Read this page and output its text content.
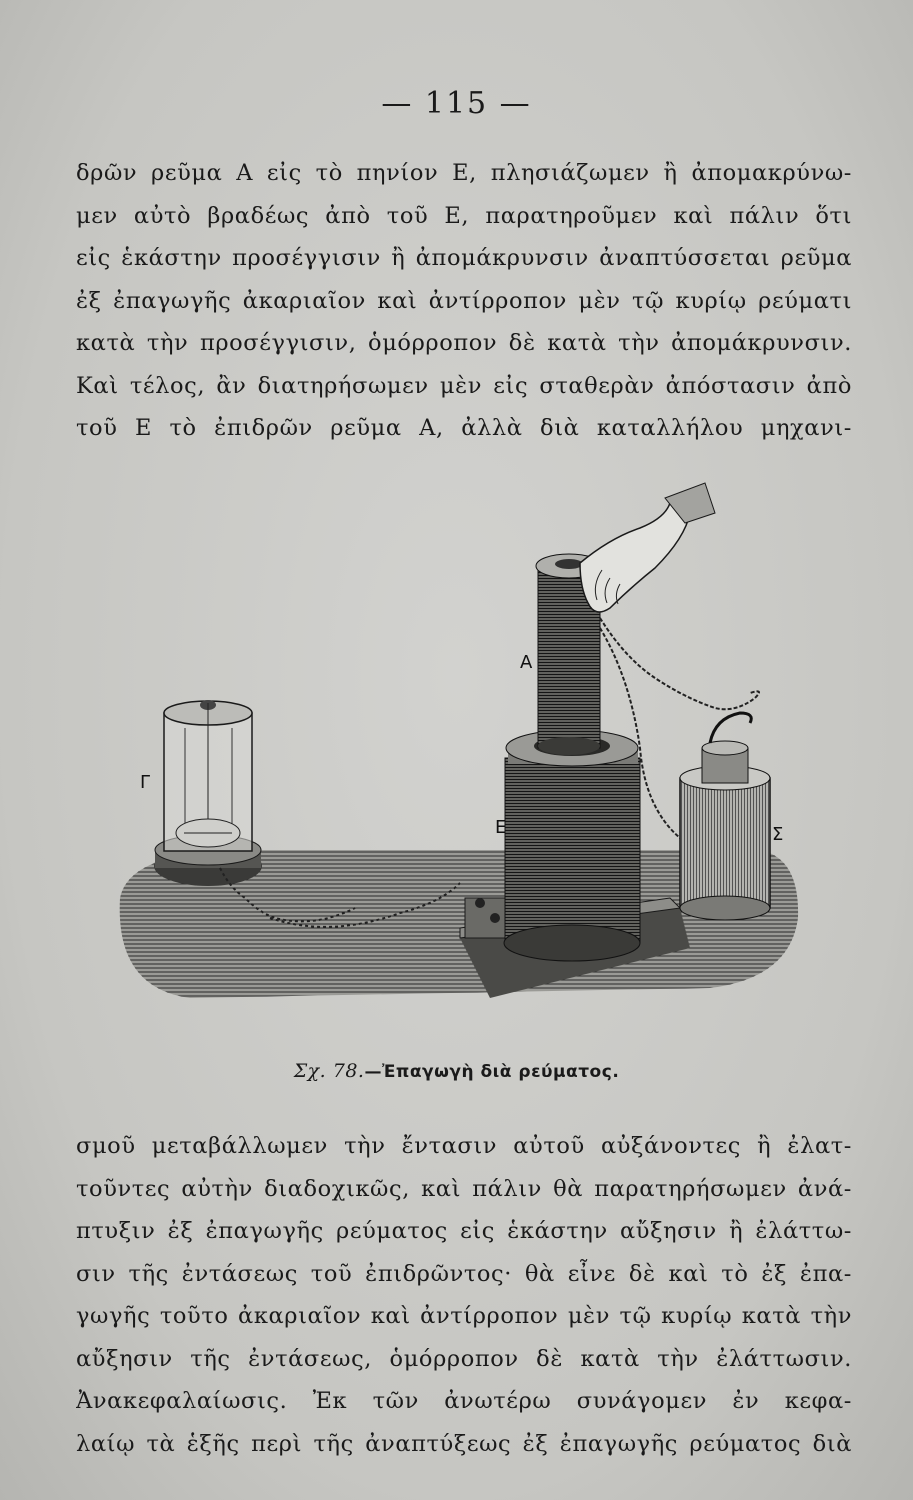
— 115 —
δρῶν ρεῦμα Α εἰς τὸ πηνίον Ε, πλησιάζωμεν ἢ ἀπομακρύνω-
μεν αὐτὸ βραδέως ἀπὸ τοῦ Ε, παρατηροῦμεν καὶ πάλιν ὅτι
εἰς ἑκάστην προσέγγισιν ἢ ἀπομάκρυνσιν ἀναπτύσσεται ρεῦμα
ἐξ ἐπαγωγῆς ἀκαριαῖον καὶ ἀντίρροπον μὲν τῷ κυρίῳ ρεύματι
κατὰ τὴν προσέγγισιν, ὁμόρροπον δὲ κατὰ τὴν ἀπομάκρυνσιν.
Καὶ τέλος, ἂν διατηρήσωμεν μὲν εἰς σταθερὰν ἀπόστασιν ἀπὸ
τοῦ Ε τὸ ἐπιδρῶν ρεῦμα Α, ἀλλὰ διὰ καταλλήλου μηχανι-
Γ
Ε
Α
Σ
Σχ. 78.—Ἐπαγωγὴ διὰ ρεύματος.
σμοῦ μεταβάλλωμεν τὴν ἔντασιν αὐτοῦ αὐξάνοντες ἢ ἐλατ-
τοῦντες αὐτὴν διαδοχικῶς, καὶ πάλιν θὰ παρατηρήσωμεν ἀνά-
πτυξιν ἐξ ἐπαγωγῆς ρεύματος εἰς ἑκάστην αὔξησιν ἢ ἐλάττω-
σιν τῆς ἐντάσεως τοῦ ἐπιδρῶντος· θὰ εἶνε δὲ καὶ τὸ ἐξ ἐπα-
γωγῆς τοῦτο ἀκαριαῖον καὶ ἀντίρροπον μὲν τῷ κυρίῳ κατὰ τὴν
αὔξησιν τῆς ἐντάσεως, ὁμόρροπον δὲ κατὰ τὴν ἐλάττωσιν.
Ἀνακεφαλαίωσις. Ἐκ τῶν ἀνωτέρω συνάγομεν ἐν κεφα-
λαίῳ τὰ ἑξῆς περὶ τῆς ἀναπτύξεως ἐξ ἐπαγωγῆς ρεύματος διὰ
